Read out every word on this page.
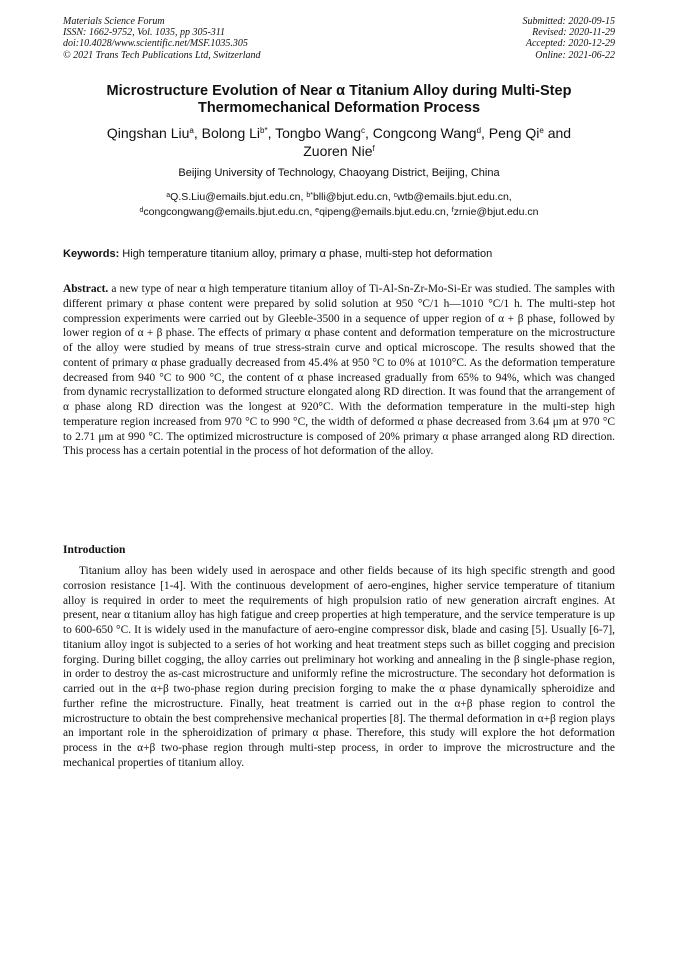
Materials Science Forum
ISSN: 1662-9752, Vol. 1035, pp 305-311
doi:10.4028/www.scientific.net/MSF.1035.305
© 2021 Trans Tech Publications Ltd, Switzerland
Submitted: 2020-09-15
Revised: 2020-11-29
Accepted: 2020-12-29
Online: 2021-06-22
Microstructure Evolution of Near α Titanium Alloy during Multi-Step Thermomechanical Deformation Process
Qingshan Liu$^a$, Bolong $Li^{b*}$, Tongbo Wang$^c$, Congcong Wang$^d$, Peng Qi$^e$ and
Zuoren Nie$^f$
Beijing University of Technology, Chaoyang District, Beijing, China
$^a$Q.S.Liu@emails.bjut.edu.cn, $^{b*}$blli@bjut.edu.cn, $^c$wtb@emails.bjut.edu.cn,
$^d$congcongwang@emails.bjut.edu.cn, $^e$qipeng@emails.bjut.edu.cn, $^f$zrnie@bjut.edu.cn
Keywords: High temperature titanium alloy, primary α phase, multi-step hot deformation

Abstract. a new type of near α high temperature titanium alloy of Ti-Al-Sn-Zr-Mo-Si-Er was studied. The samples with different primary α phase content were prepared by solid solution at 950 °C/1 h—1010 °C/1 h. The multi-step hot compression experiments were carried out by Gleeble-3500 in a sequence of upper region of α + β phase, followed by lower region of α + β phase. The effects of primary α phase content and deformation temperature on the microstructure of the alloy were studied by means of true stress-strain curve and optical microscope. The results showed that the content of primary α phase gradually decreased from 45.4% at 950 °C to 0% at 1010°C. As the deformation temperature decreased from 940 °C to 900 °C, the content of α phase increased gradually from 65% to 94%, which was changed from dynamic recrystallization to deformed structure elongated along RD direction. It was found that the arrangement of α phase along RD direction was the longest at 920°C. With the deformation temperature in the multi-step high temperature region increased from 970 °C to 990 °C, the width of deformed α phase decreased from 3.64 μm at 970 °C to 2.71 μm at 990 °C. The optimized microstructure is composed of 20% primary α phase arranged along RD direction. This process has a certain potential in the process of hot deformation of the alloy.

Introduction

Titanium alloy has been widely used in aerospace and other fields because of its high specific strength and good corrosion resistance [1-4]. With the continuous development of aero-engines, higher service temperature of titanium alloy is required in order to meet the requirements of high propulsion ratio of new generation aircraft engines. At present, near α titanium alloy has high fatigue and creep properties at high temperature, and the service temperature is up to 600-650 °C. It is widely used in the manufacture of aero-engine compressor disk, blade and casing [5]. Usually [6-7], titanium alloy ingot is subjected to a series of hot working and heat treatment steps such as billet cogging and precision forging. During billet cogging, the alloy carries out preliminary hot working and annealing in the β single-phase region, in order to destroy the as-cast microstructure and uniformly refine the microstructure. The secondary hot deformation is carried out in the α+β two-phase region during precision forging to make the α phase dynamically spheroidize and further refine the microstructure. Finally, heat treatment is carried out in the α+β phase region to control the microstructure to obtain the best comprehensive mechanical properties [8]. The thermal deformation in α+β region plays an important role in the spheroidization of primary α phase. Therefore, this study will explore the hot deformation process in the α+β two-phase region through multi-step process, in order to improve the microstructure and the mechanical properties of titanium alloy.
